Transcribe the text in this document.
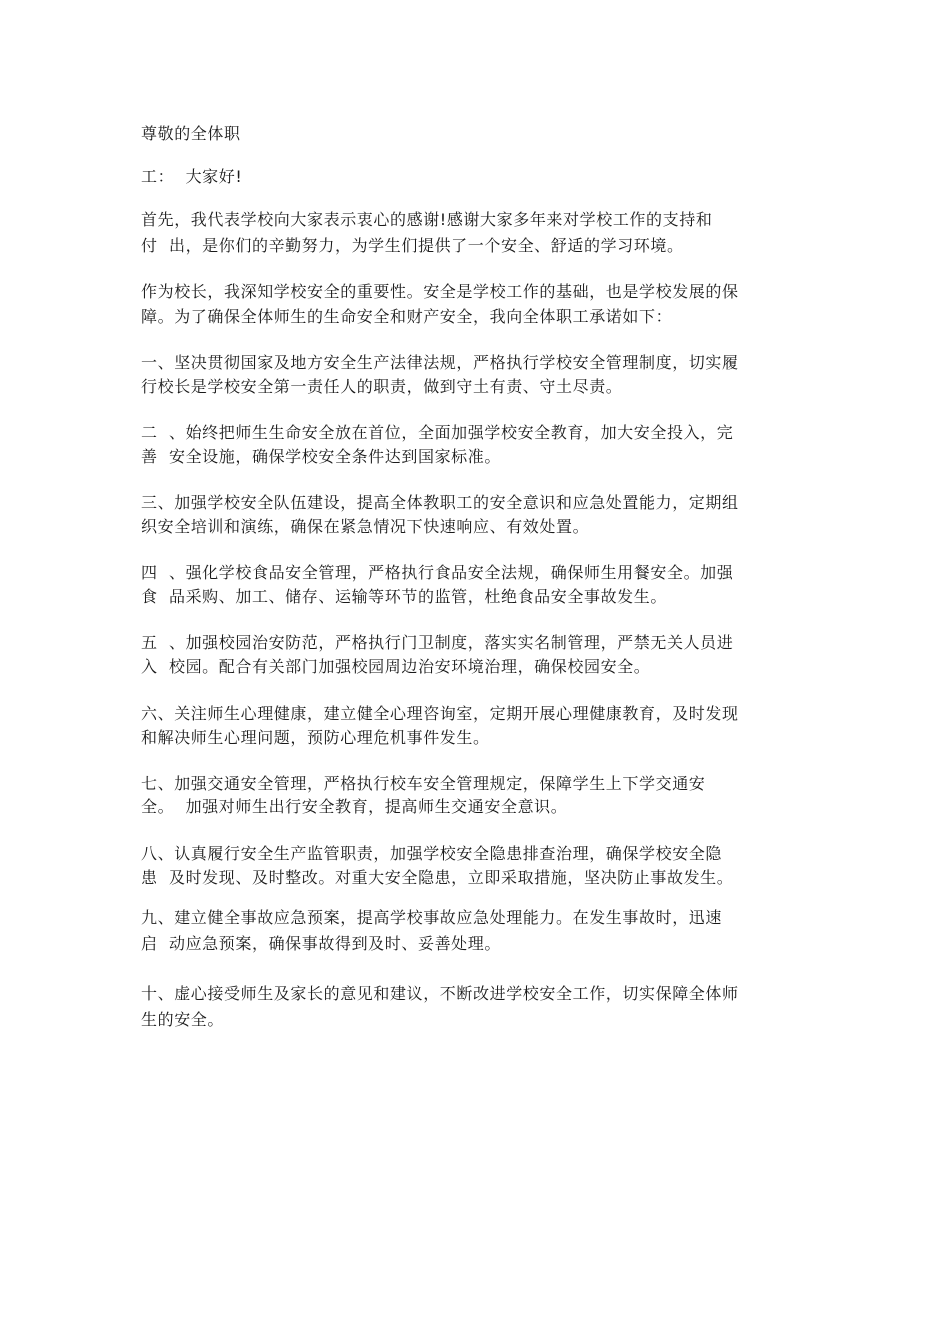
尊敬的全体职
工：  大家好!
首先，我代表学校向大家表示衷心的感谢!感谢大家多年来对学校工作的支持和
付  出，是你们的辛勤努力，为学生们提供了一个安全、舒适的学习环境。
作为校长，我深知学校安全的重要性。安全是学校工作的基础，也是学校发展的保
障。为了确保全体师生的生命安全和财产安全，我向全体职工承诺如下：
一、坚决贯彻国家及地方安全生产法律法规，严格执行学校安全管理制度，切实履
行校长是学校安全第一责任人的职责，做到守土有责、守土尽责。
二  、始终把师生生命安全放在首位，全面加强学校安全教育，加大安全投入，完
善  安全设施，确保学校安全条件达到国家标准。
三、加强学校安全队伍建设，提高全体教职工的安全意识和应急处置能力，定期组
织安全培训和演练，确保在紧急情况下快速响应、有效处置。
四  、强化学校食品安全管理，严格执行食品安全法规，确保师生用餐安全。加强
食  品采购、加工、储存、运输等环节的监管，杜绝食品安全事故发生。
五  、加强校园治安防范，严格执行门卫制度，落实实名制管理，严禁无关人员进
入  校园。配合有关部门加强校园周边治安环境治理，确保校园安全。
六、关注师生心理健康，建立健全心理咨询室，定期开展心理健康教育，及时发现
和解决师生心理问题，预防心理危机事件发生。
七、加强交通安全管理，严格执行校车安全管理规定，保障学生上下学交通安
全。  加强对师生出行安全教育，提高师生交通安全意识。
八、认真履行安全生产监管职责，加强学校安全隐患排查治理，确保学校安全隐
患  及时发现、及时整改。对重大安全隐患，立即采取措施，坚决防止事故发生。
九、建立健全事故应急预案，提高学校事故应急处理能力。在发生事故时，迅速
启  动应急预案，确保事故得到及时、妥善处理。
十、虚心接受师生及家长的意见和建议，不断改进学校安全工作，切实保障全体师
生的安全。
